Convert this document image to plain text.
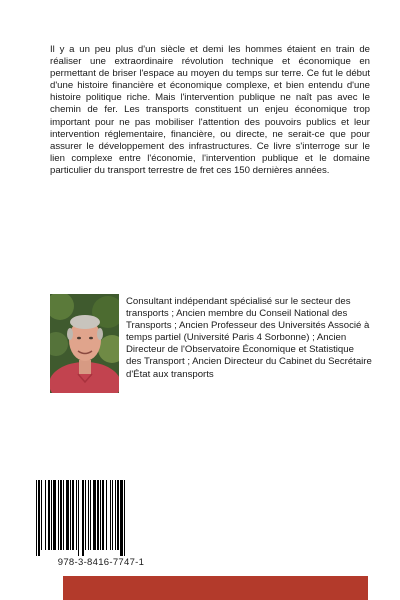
Il y a un peu plus d'un siècle et demi les hommes étaient en train de réaliser une extraordinaire révolution technique et économique en permettant de briser l'espace au moyen du temps sur terre. Ce fut le début d'une histoire financière et économique complexe, et bien entendu d'une histoire politique riche. Mais l'intervention publique ne naît pas avec le chemin de fer. Les transports constituent un enjeu économique trop important pour ne pas mobiliser l'attention des pouvoirs publics et leur intervention réglementaire, financière, ou directe, ne serait-ce que pour assurer le développement des infrastructures. Ce livre s'interroge sur le lien complexe entre l'économie, l'intervention publique et le domaine particulier du transport terrestre de fret ces 150 dernières années.

Consultant indépendant spécialisé sur le secteur des transports ; Ancien membre du Conseil National des Transports ; Ancien Professeur des Universités Associé à temps partiel (Université Paris 4 Sorbonne) ; Ancien Directeur de l'Observatoire Économique et Statistique des Transport ; Ancien Directeur du Cabinet du Secrétaire d'État aux transports

978-3-8416-7747-1
